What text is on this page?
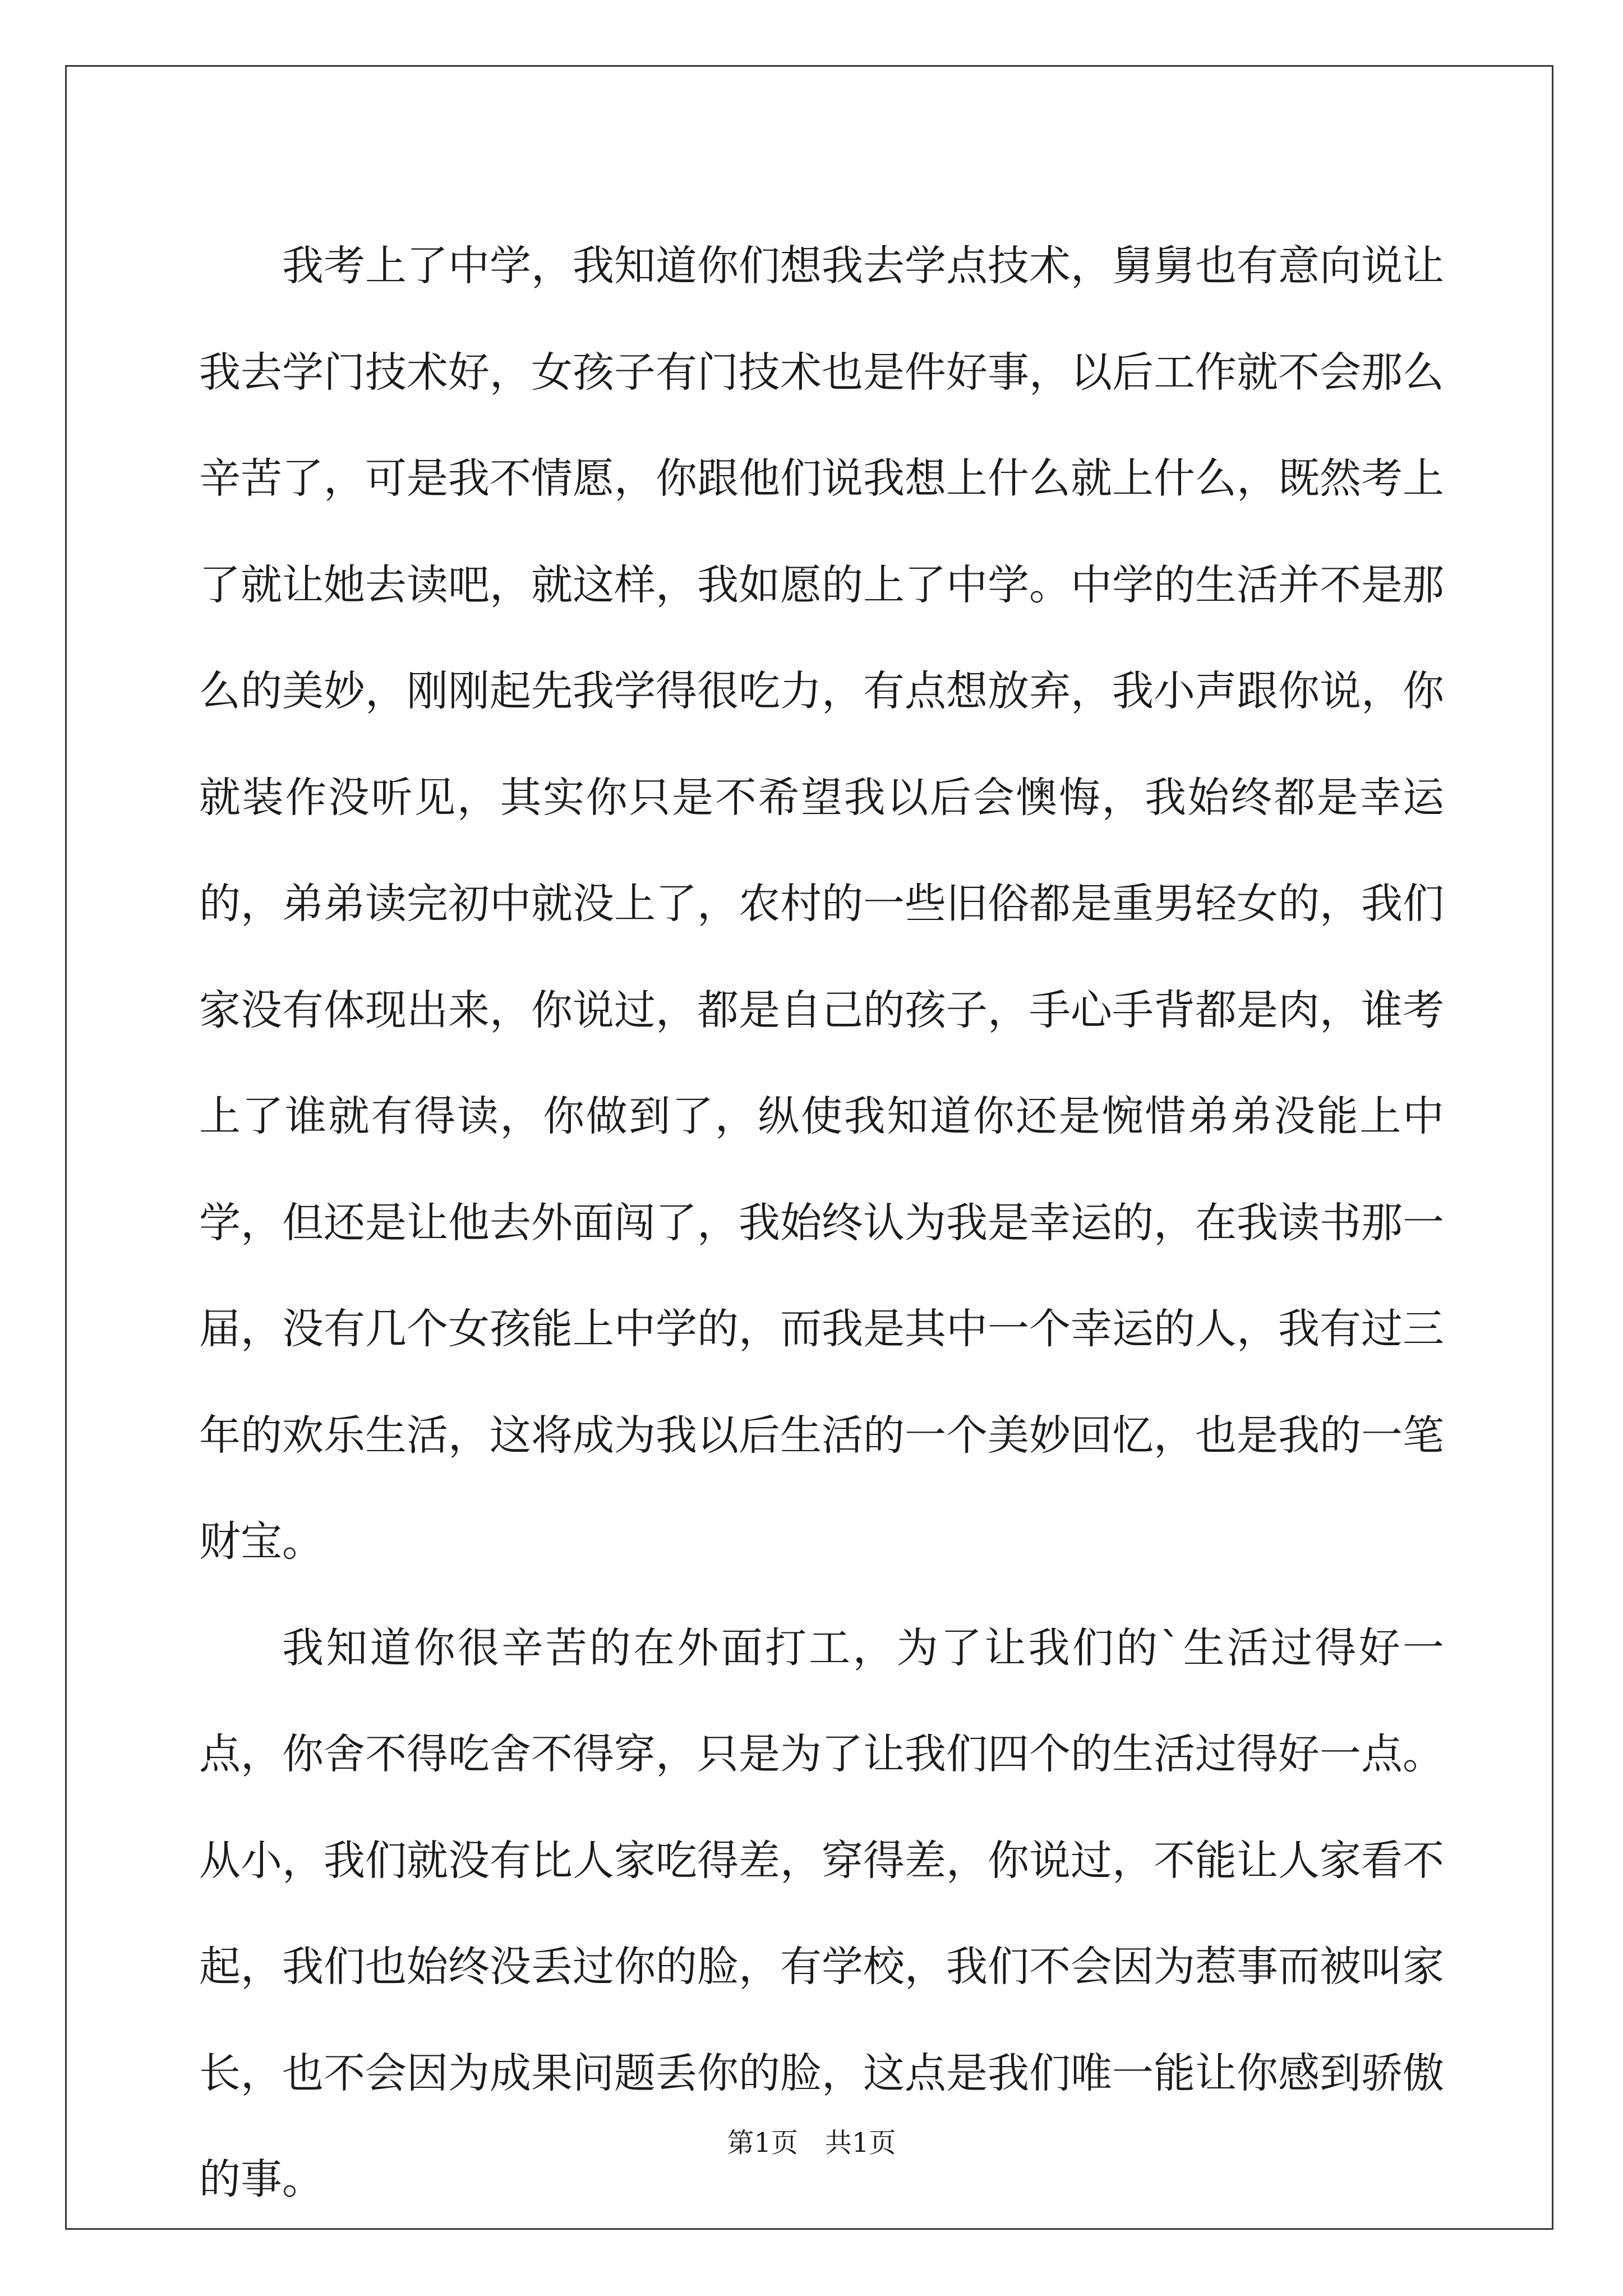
我考上了中学，我知道你们想我去学点技术，舅舅也有意向说让我去学门技术好，女孩子有门技术也是件好事，以后工作就不会那么辛苦了，可是我不情愿，你跟他们说我想上什么就上什么，既然考上了就让她去读吧，就这样，我如愿的上了中学。中学的生活并不是那么的美妙，刚刚起先我学得很吃力，有点想放弃，我小声跟你说，你就装作没听见，其实你只是不希望我以后会懊悔，我始终都是幸运的，弟弟读完初中就没上了，农村的一些旧俗都是重男轻女的，我们家没有体现出来，你说过，都是自己的孩子，手心手背都是肉，谁考上了谁就有得读，你做到了，纵使我知道你还是惋惜弟弟没能上中学，但还是让他去外面闯了，我始终认为我是幸运的，在我读书那一届，没有几个女孩能上中学的，而我是其中一个幸运的人，我有过三年的欢乐生活，这将成为我以后生活的一个美妙回忆，也是我的一笔财宝。

我知道你很辛苦的在外面打工，为了让我们的`生活过得好一点，你舍不得吃舍不得穿，只是为了让我们四个的生活过得好一点。从小，我们就没有比人家吃得差，穿得差，你说过，不能让人家看不起，我们也始终没丢过你的脸，有学校，我们不会因为惹事而被叫家长，也不会因为成果问题丢你的脸，这点是我们唯一能让你感到骄傲的事。

第1页 共1页
